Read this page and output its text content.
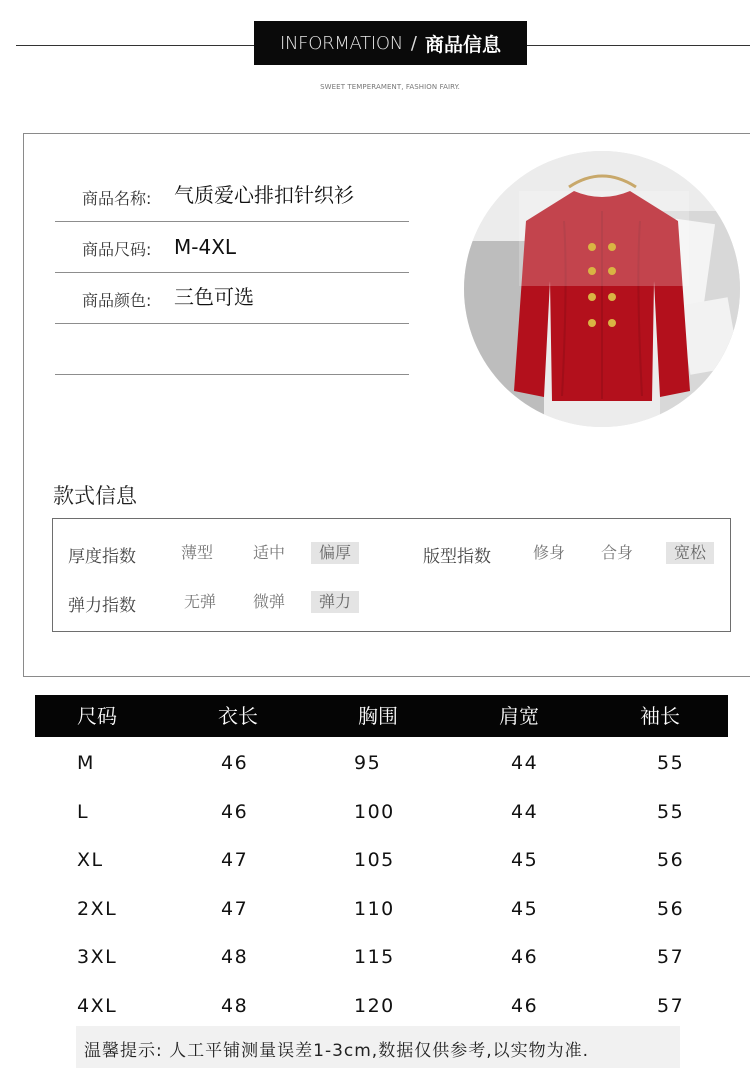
INFORMATION / 商品信息
SWEET TEMPERAMENT, FASHION FAIRY.
商品名称: 气质爱心排扣针织衫
商品尺码: M-4XL
商品颜色: 三色可选
款式信息
厚度指数	薄型	适中	偏厚	版型指数	修身	合身	宽松
弹力指数	无弹	微弹	弹力
尺码	衣长	胸围	肩宽	袖长
M	46	95	44	55
L	46	100	44	55
XL	47	105	45	56
2XL	47	110	45	56
3XL	48	115	46	57
4XL	48	120	46	57
温馨提示: 人工平铺测量误差1-3cm,数据仅供参考,以实物为准.
